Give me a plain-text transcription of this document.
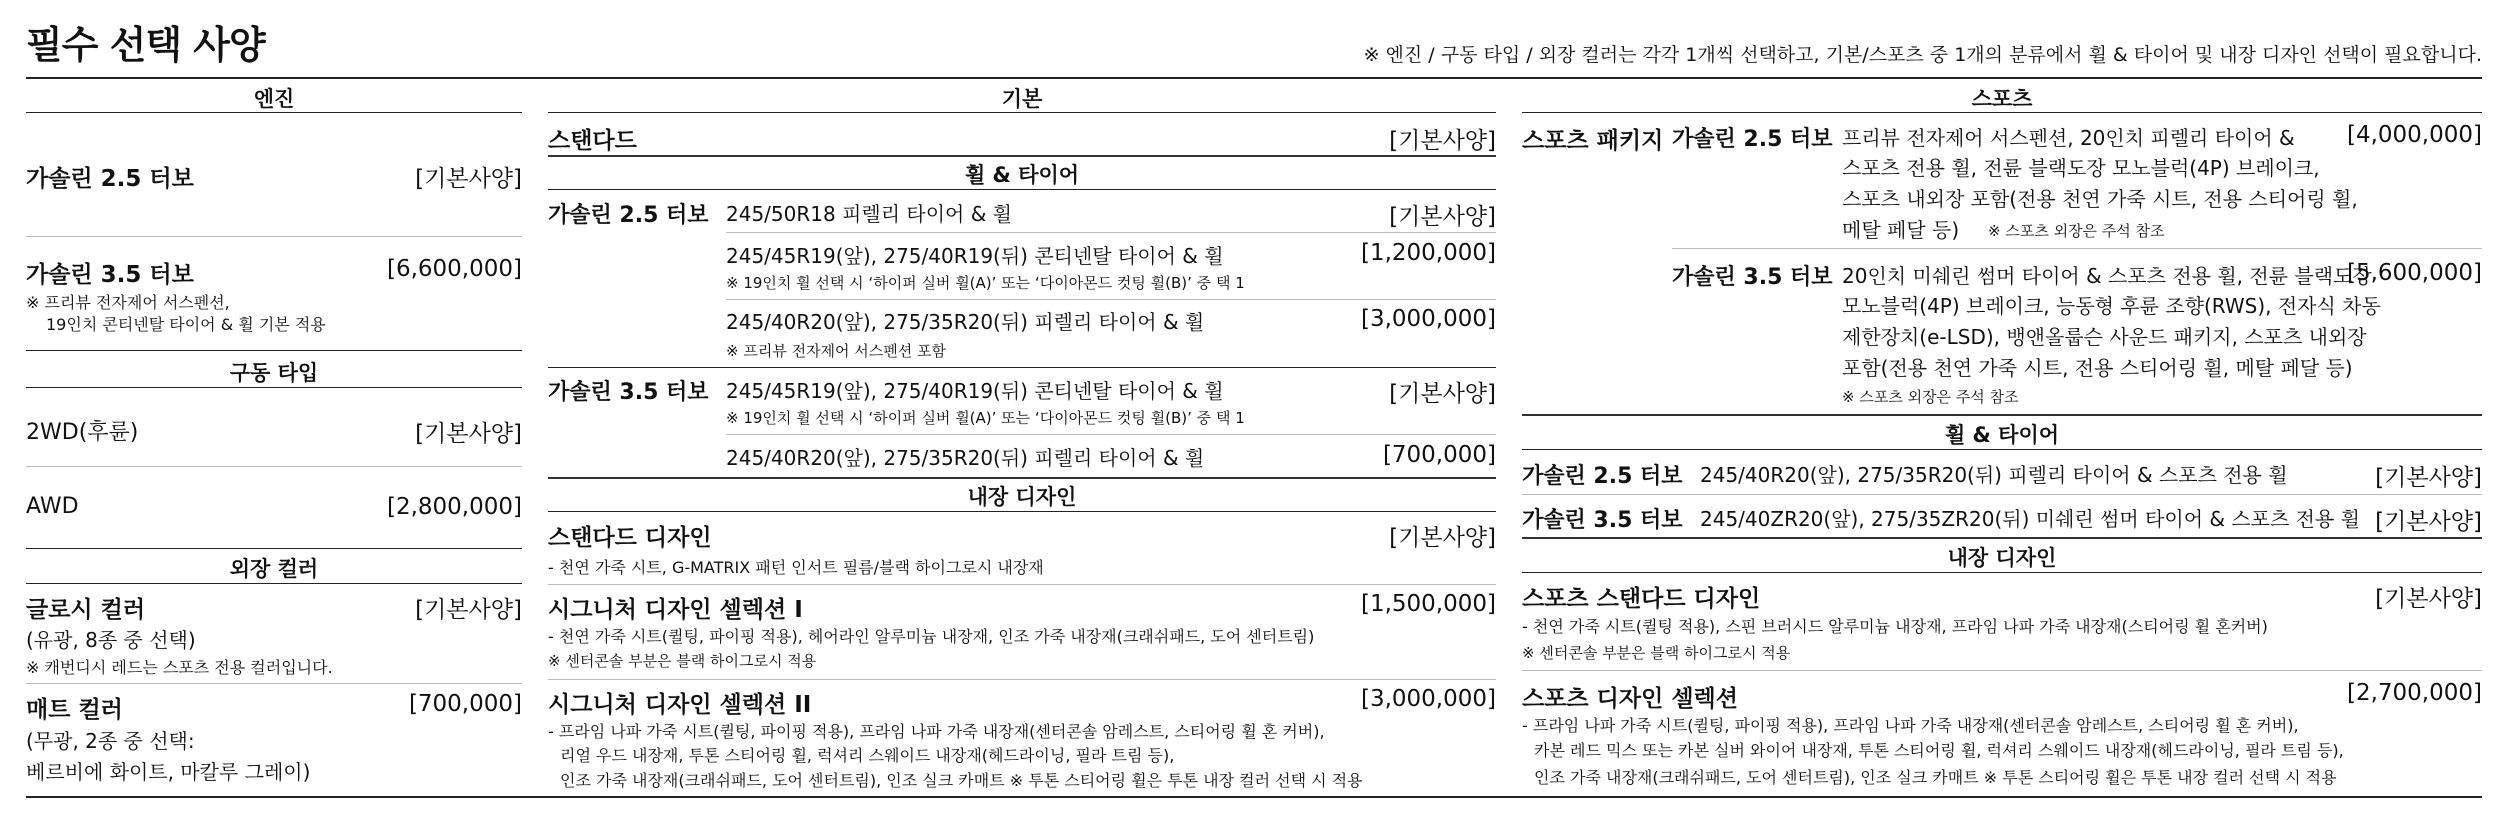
필수 선택 사양	※ 엔진 / 구동 타입 / 외장 컬러는 각각 1개씩 선택하고, 기본/스포츠 중 1개의 분류에서 휠 & 타이어 및 내장 디자인 선택이 필요합니다.
엔진
가솔린 2.5 터보	[기본사양]
가솔린 3.5 터보	[6,600,000]
※ 프리뷰 전자제어 서스펜션,
19인치 콘티넨탈 타이어 & 휠 기본 적용
구동 타입
2WD(후륜)	[기본사양]
AWD	[2,800,000]
외장 컬러
글로시 컬러	[기본사양]
(유광, 8종 중 선택)
※ 캐번디시 레드는 스포츠 전용 컬러입니다.
매트 컬러	[700,000]
(무광, 2종 중 선택:
베르비에 화이트, 마칼루 그레이)
기본
스탠다드	[기본사양]
휠 & 타이어
가솔린 2.5 터보 245/50R18 피렐리 타이어 & 휠	[기본사양]
245/45R19(앞), 275/40R19(뒤) 콘티넨탈 타이어 & 휠	[1,200,000]
※ 19인치 휠 선택 시 ‘하이퍼 실버 휠(A)’ 또는 ‘다이아몬드 컷팅 휠(B)’ 중 택 1
245/40R20(앞), 275/35R20(뒤) 피렐리 타이어 & 휠	[3,000,000]
※ 프리뷰 전자제어 서스펜션 포함
가솔린 3.5 터보 245/45R19(앞), 275/40R19(뒤) 콘티넨탈 타이어 & 휠	[기본사양]
※ 19인치 휠 선택 시 ‘하이퍼 실버 휠(A)’ 또는 ‘다이아몬드 컷팅 휠(B)’ 중 택 1
245/40R20(앞), 275/35R20(뒤) 피렐리 타이어 & 휠	[700,000]
내장 디자인
스탠다드 디자인	[기본사양]
- 천연 가죽 시트, G-MATRIX 패턴 인서트 필름/블랙 하이그로시 내장재
시그니처 디자인 셀렉션 I	[1,500,000]
- 천연 가죽 시트(퀼팅, 파이핑 적용), 헤어라인 알루미늄 내장재, 인조 가죽 내장재(크래쉬패드, 도어 센터트림)
※ 센터콘솔 부분은 블랙 하이그로시 적용
시그니처 디자인 셀렉션 II	[3,000,000]
- 프라임 나파 가죽 시트(퀼팅, 파이핑 적용), 프라임 나파 가죽 내장재(센터콘솔 암레스트, 스티어링 휠 혼 커버),
리얼 우드 내장재, 투톤 스티어링 휠, 럭셔리 스웨이드 내장재(헤드라이닝, 필라 트림 등),
인조 가죽 내장재(크래쉬패드, 도어 센터트림), 인조 실크 카매트 ※ 투톤 스티어링 휠은 투톤 내장 컬러 선택 시 적용
스포츠
스포츠 패키지 가솔린 2.5 터보	[4,000,000]
프리뷰 전자제어 서스펜션, 20인치 피렐리 타이어 &
스포츠 전용 휠, 전륜 블랙도장 모노블럭(4P) 브레이크,
스포츠 내외장 포함(전용 천연 가죽 시트, 전용 스티어링 휠,
메탈 페달 등) ※ 스포츠 외장은 주석 참조
가솔린 3.5 터보	[5,600,000]
20인치 미쉐린 썸머 타이어 & 스포츠 전용 휠, 전륜 블랙도장
모노블럭(4P) 브레이크, 능동형 후륜 조향(RWS), 전자식 차동
제한장치(e-LSD), 뱅앤올룹슨 사운드 패키지, 스포츠 내외장
포함(전용 천연 가죽 시트, 전용 스티어링 휠, 메탈 페달 등)
※ 스포츠 외장은 주석 참조
휠 & 타이어
가솔린 2.5 터보 245/40R20(앞), 275/35R20(뒤) 피렐리 타이어 & 스포츠 전용 휠	[기본사양]
가솔린 3.5 터보 245/40ZR20(앞), 275/35ZR20(뒤) 미쉐린 썸머 타이어 & 스포츠 전용 휠 [기본사양]
내장 디자인
스포츠 스탠다드 디자인	[기본사양]
- 천연 가죽 시트(퀼팅 적용), 스핀 브러시드 알루미늄 내장재, 프라임 나파 가죽 내장재(스티어링 휠 혼커버)
※ 센터콘솔 부분은 블랙 하이그로시 적용
스포츠 디자인 셀렉션	[2,700,000]
- 프라임 나파 가죽 시트(퀼팅, 파이핑 적용), 프라임 나파 가죽 내장재(센터콘솔 암레스트, 스티어링 휠 혼 커버),
카본 레드 믹스 또는 카본 실버 와이어 내장재, 투톤 스티어링 휠, 럭셔리 스웨이드 내장재(헤드라이닝, 필라 트림 등),
인조 가죽 내장재(크래쉬패드, 도어 센터트림), 인조 실크 카매트 ※ 투톤 스티어링 휠은 투톤 내장 컬러 선택 시 적용
